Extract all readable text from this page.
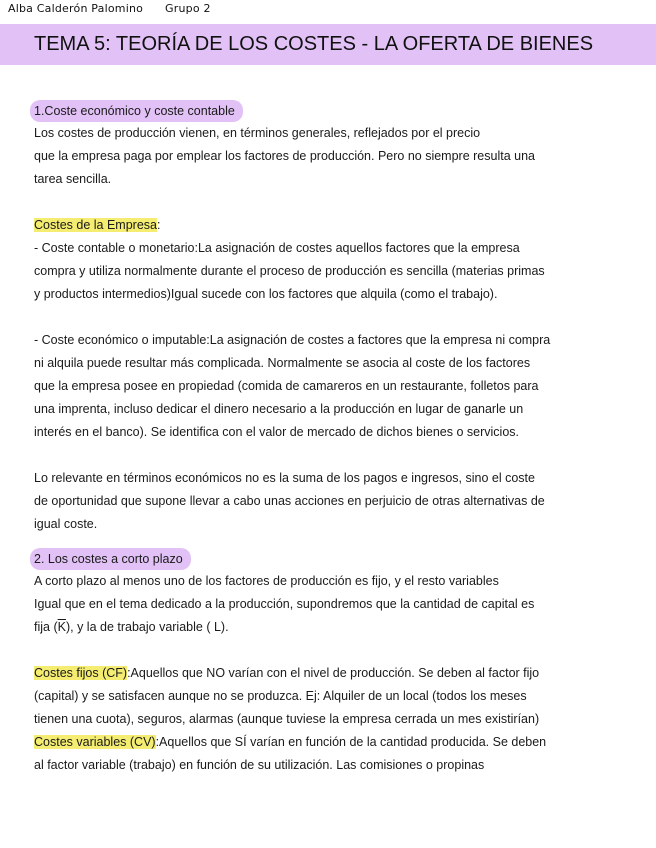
Alba Calderón Palomino Grupo 2
TEMA 5: TEORÍA DE LOS COSTES - LA OFERTA DE BIENES
1.Coste económico y coste contable

Los costes de producción vienen, en términos generales, reflejados por el precio

que la empresa paga por emplear los factores de producción. Pero no siempre resulta una

tarea sencilla.

Costes de la Empresa:

- Coste contable o monetario:La asignación de costes aquellos factores que la empresa

compra y utiliza normalmente durante el proceso de producción es sencilla (materias primas

y productos intermedios)Igual sucede con los factores que alquila (como el trabajo).

- Coste económico o imputable:La asignación de costes a factores que la empresa ni compra

ni alquila puede resultar más complicada. Normalmente se asocia al coste de los factores

que la empresa posee en propiedad (comida de camareros en un restaurante, folletos para

una imprenta, incluso dedicar el dinero necesario a la producción en lugar de ganarle un

interés en el banco). Se identifica con el valor de mercado de dichos bienes o servicios.

Lo relevante en términos económicos no es la suma de los pagos e ingresos, sino el coste

de oportunidad que supone llevar a cabo unas acciones en perjuicio de otras alternativas de

igual coste.

2. Los costes a corto plazo

A corto plazo al menos uno de los factores de producción es fijo, y el resto variables

Igual que en el tema dedicado a la producción, supondremos que la cantidad de capital es

fija $(\overline{K})$, y la de trabajo variable ( L).

Costes fijos (CF):Aquellos que NO varían con el nivel de producción. Se deben al factor fijo

(capital) y se satisfacen aunque no se produzca. Ej: Alquiler de un local (todos los meses

tienen una cuota), seguros, alarmas (aunque tuviese la empresa cerrada un mes existirían)

Costes variables (CV):Aquellos que SÍ varían en función de la cantidad producida. Se deben

al factor variable (trabajo) en función de su utilización. Las comisiones o propinas
